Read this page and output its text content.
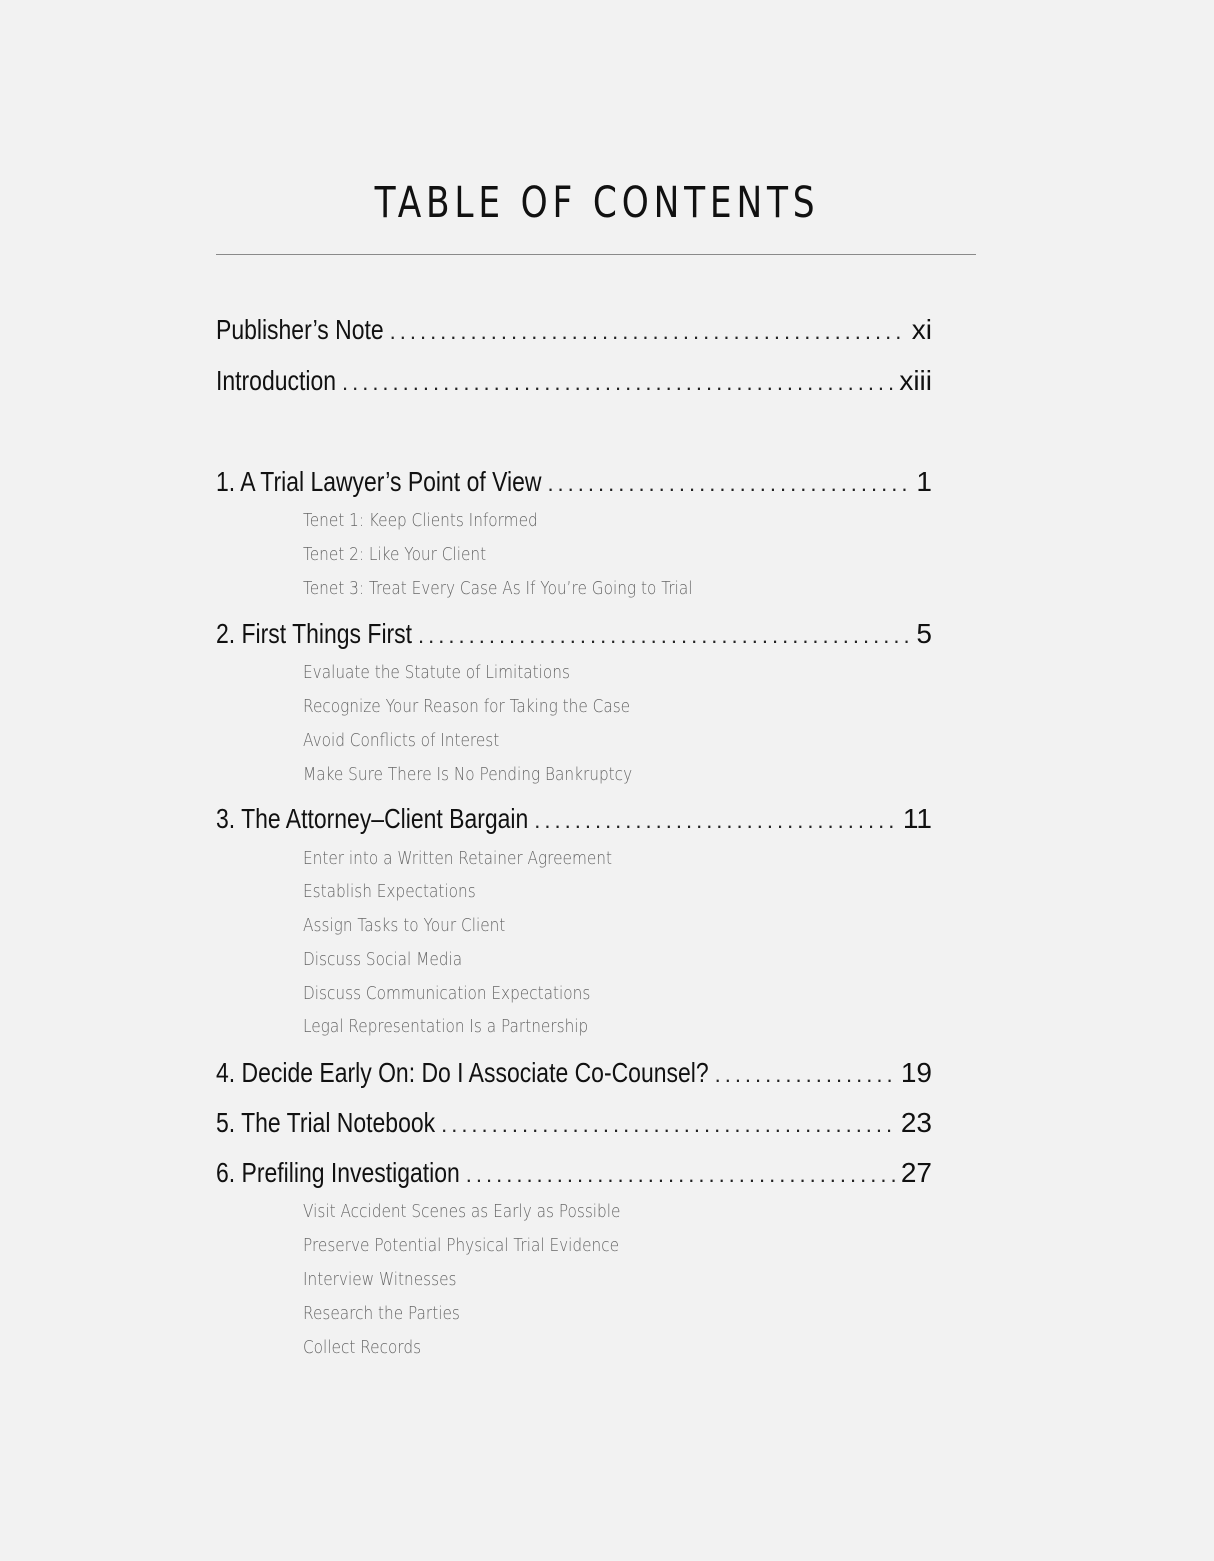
TABLE OF CONTENTS
Publisher’s Note .....	xi
Introduction .....	xiii
1. A Trial Lawyer’s Point of View .....	1
Tenet 1: Keep Clients Informed
Tenet 2: Like Your Client
Tenet 3: Treat Every Case As If You’re Going to Trial
2. First Things First .....	5
Evaluate the Statute of Limitations
Recognize Your Reason for Taking the Case
Avoid Conflicts of Interest
Make Sure There Is No Pending Bankruptcy
3. The Attorney–Client Bargain .....	11
Enter into a Written Retainer Agreement
Establish Expectations
Assign Tasks to Your Client
Discuss Social Media
Discuss Communication Expectations
Legal Representation Is a Partnership
4. Decide Early On: Do I Associate Co-Counsel? .....	19
5. The Trial Notebook .....	23
6. Prefiling Investigation .....	27
Visit Accident Scenes as Early as Possible
Preserve Potential Physical Trial Evidence
Interview Witnesses
Research the Parties
Collect Records
